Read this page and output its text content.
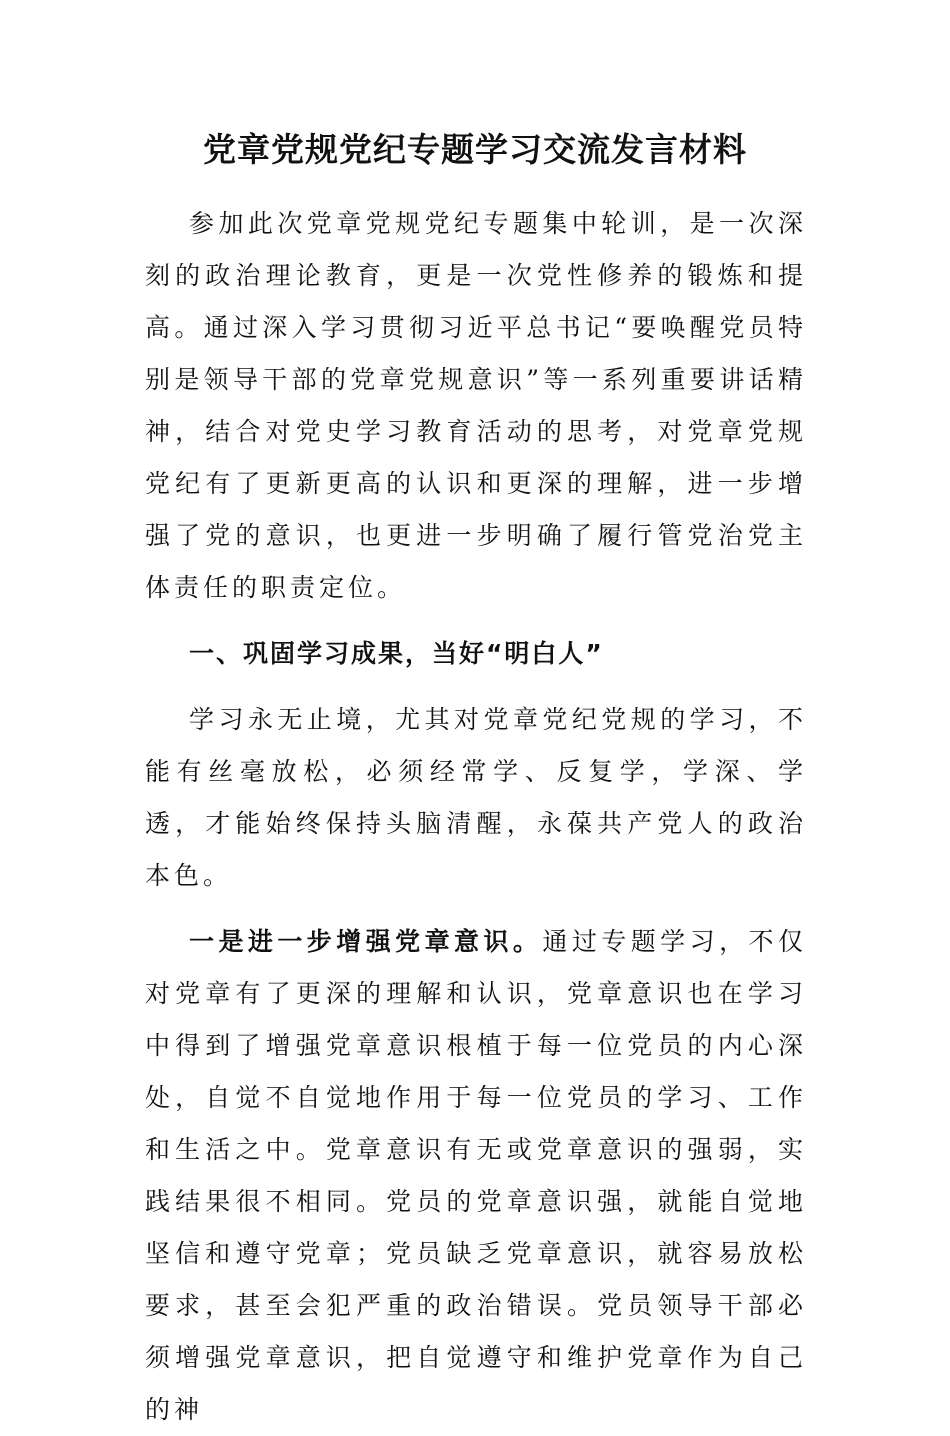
党章党规党纪专题学习交流发言材料

参加此次党章党规党纪专题集中轮训，是一次深刻的政治理论教育，更是一次党性修养的锻炼和提高。通过深入学习贯彻习近平总书记“要唤醒党员特别是领导干部的党章党规意识”等一系列重要讲话精神，结合对党史学习教育活动的思考，对党章党规党纪有了更新更高的认识和更深的理解，进一步增强了党的意识，也更进一步明确了履行管党治党主体责任的职责定位。

一、巩固学习成果，当好“明白人”

学习永无止境，尤其对党章党纪党规的学习，不能有丝毫放松，必须经常学、反复学，学深、学透，才能始终保持头脑清醒，永葆共产党人的政治本色。

一是进一步增强党章意识。通过专题学习，不仅对党章有了更深的理解和认识，党章意识也在学习中得到了增强党章意识根植于每一位党员的内心深处，自觉不自觉地作用于每一位党员的学习、工作和生活之中。党章意识有无或党章意识的强弱，实践结果很不相同。党员的党章意识强，就能自觉地坚信和遵守党章；党员缺乏党章意识，就容易放松要求，甚至会犯严重的政治错误。党员领导干部必须增强党章意识，把自觉遵守和维护党章作为自己的神
